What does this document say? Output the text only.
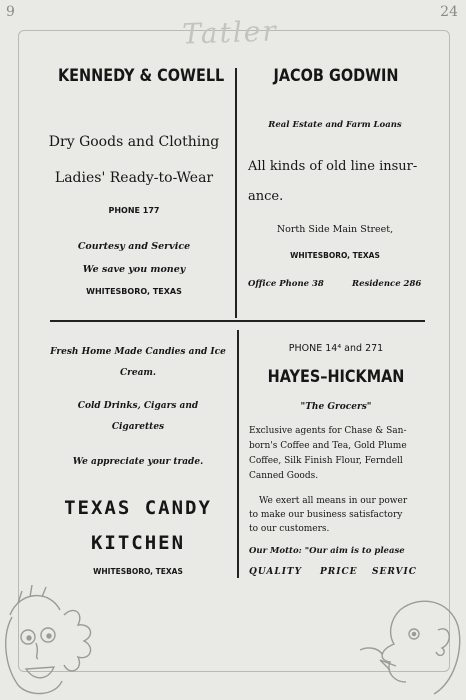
9	24
Tatler
KENNEDY & COWELL
Dry Goods and Clothing
Ladies' Ready-to-Wear
PHONE 177
Courtesy and Service
We save you money
WHITESBORO, TEXAS
JACOB GODWIN
Real Estate and Farm Loans
All kinds of old line insur-
ance.
North Side Main Street,
WHITESBORO, TEXAS
Office Phone 38	Residence 286
Fresh Home Made Candies and Ice
Cream.
Cold Drinks, Cigars and
Cigarettes
We appreciate your trade.
TEXAS CANDY
KITCHEN
WHITESBORO, TEXAS
PHONE 14⁴ and 271
HAYES–HICKMAN
"The Grocers"
Exclusive agents for Chase & San-
born's Coffee and Tea, Gold Plume
Coffee, Silk Finish Flour, Ferndell
Canned Goods.
We exert all means in our power
to make our business satisfactory
to our customers.
Our Motto: "Our aim is to please
QUALITY PRICE SERVIC
